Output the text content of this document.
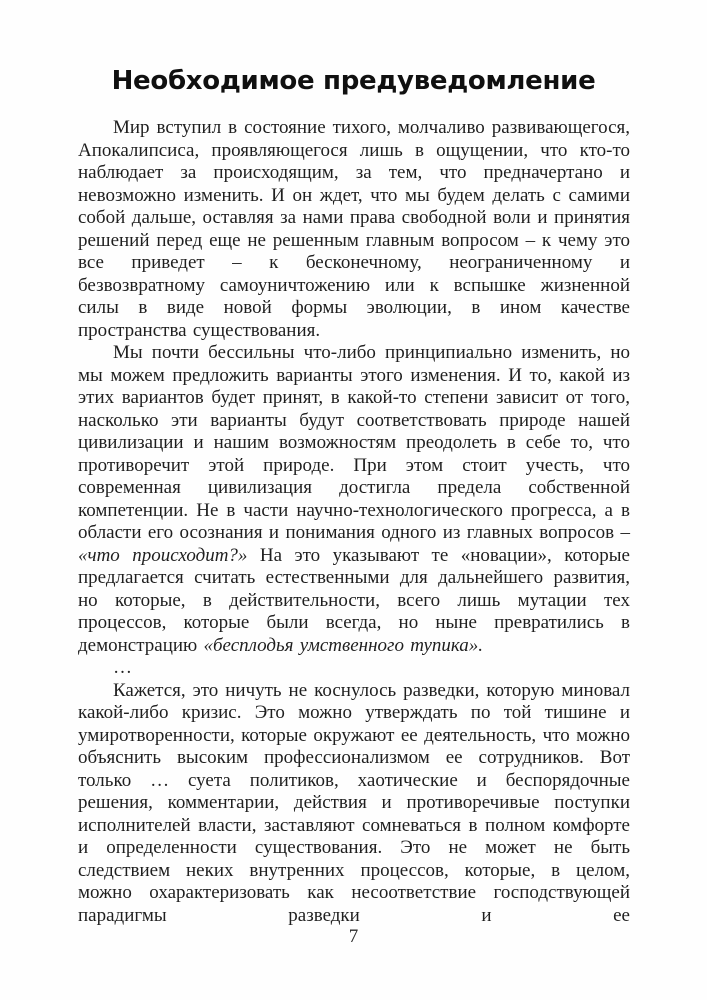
Необходимое предуведомление

Мир вступил в состояние тихого, молчаливо развивающегося, Апокалипсиса, проявляющегося лишь в ощущении, что кто-то наблюдает за происходящим, за тем, что предначертано и невозможно изменить. И он ждет, что мы будем делать с самими собой дальше, оставляя за нами права свободной воли и принятия решений перед еще не решенным главным вопросом – к чему это все приведет – к бесконечному, неограниченному и безвозвратному самоуничтожению или к вспышке жизненной силы в виде новой формы эволюции, в ином качестве пространства существования.

Мы почти бессильны что-либо принципиально изменить, но мы можем предложить варианты этого изменения. И то, какой из этих вариантов будет принят, в какой-то степени зависит от того, насколько эти варианты будут соответствовать природе нашей цивилизации и нашим возможностям преодолеть в себе то, что противоречит этой природе. При этом стоит учесть, что современная цивилизация достигла предела собственной компетенции. Не в части научно-технологического прогресса, а в области его осознания и понимания одного из главных вопросов – «что происходит?» На это указывают те «новации», которые предлагается считать естественными для дальнейшего развития, но которые, в действительности, всего лишь мутации тех процессов, которые были всегда, но ныне превратились в демонстрацию «бесплодья умственного тупика».

…

Кажется, это ничуть не коснулось разведки, которую миновал какой-либо кризис. Это можно утверждать по той тишине и умиротворенности, которые окружают ее деятельность, что можно объяснить высоким профессионализмом ее сотрудников. Вот только … суета политиков, хаотические и беспорядочные решения, комментарии, действия и противоречивые поступки исполнителей власти, заставляют сомневаться в полном комфорте и определенности существования. Это не может не быть следствием неких внутренних процессов, которые, в целом, можно охарактеризовать как несоответствие господствующей парадигмы разведки и ее

7
